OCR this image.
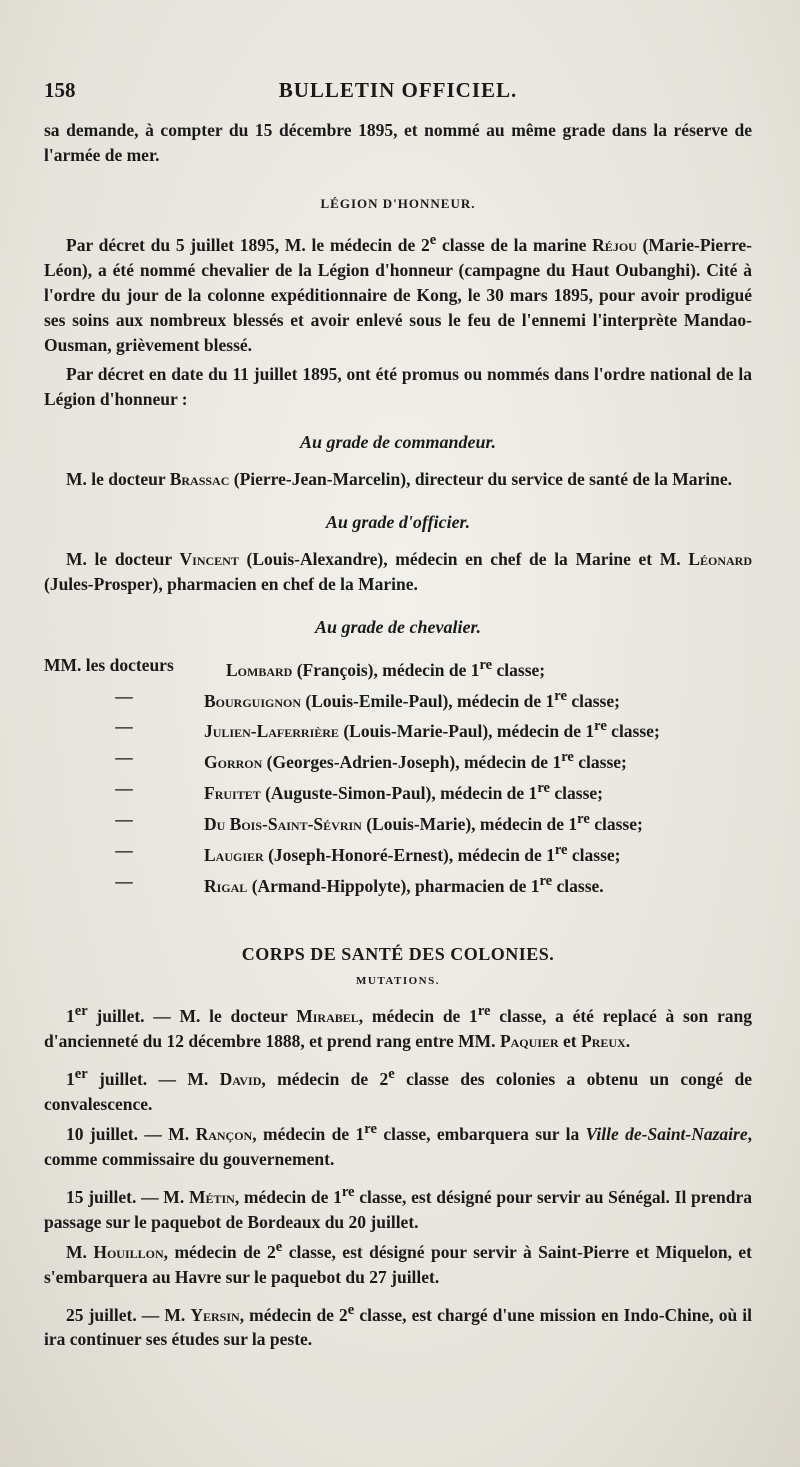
158	BULLETIN OFFICIEL.

sa demande, à compter du 15 décembre 1895, et nommé au même grade dans la réserve de l'armée de mer.

LÉGION D'HONNEUR.

Par décret du 5 juillet 1895, M. le médecin de 2e classe de la marine Réjou (Marie-Pierre-Léon), a été nommé chevalier de la Légion d'honneur (campagne du Haut Oubanghi). Cité à l'ordre du jour de la colonne expéditionnaire de Kong, le 30 mars 1895, pour avoir prodigué ses soins aux nombreux blessés et avoir enlevé sous le feu de l'ennemi l'interprète Mandao-Ousman, grièvement blessé.

Par décret en date du 11 juillet 1895, ont été promus ou nommés dans l'ordre national de la Légion d'honneur :

Au grade de commandeur.

M. le docteur Brassac (Pierre-Jean-Marcelin), directeur du service de santé de la Marine.

Au grade d'officier.

M. le docteur Vincent (Louis-Alexandre), médecin en chef de la Marine et M. Léonard (Jules-Prosper), pharmacien en chef de la Marine.

Au grade de chevalier.
MM. les docteurs	Lombard (François), médecin de 1re classe;
—	Bourguignon (Louis-Emile-Paul), médecin de 1re classe;
—	Julien-Laferrière (Louis-Marie-Paul), médecin de 1re classe;
—	Gorron (Georges-Adrien-Joseph), médecin de 1re classe;
—	Fruitet (Auguste-Simon-Paul), médecin de 1re classe;
—	Du Bois-Saint-Sévrin (Louis-Marie), médecin de 1re classe;
—	Laugier (Joseph-Honoré-Ernest), médecin de 1re classe;
—	Rigal (Armand-Hippolyte), pharmacien de 1re classe.
CORPS DE SANTÉ DES COLONIES.
MUTATIONS.

1er juillet. — M. le docteur Mirabel, médecin de 1re classe, a été replacé à son rang d'ancienneté du 12 décembre 1888, et prend rang entre MM. Paquier et Preux.

1er juillet. — M. David, médecin de 2e classe des colonies a obtenu un congé de convalescence.

10 juillet. — M. Rançon, médecin de 1re classe, embarquera sur la Ville de-Saint-Nazaire, comme commissaire du gouvernement.

15 juillet. — M. Métin, médecin de 1re classe, est désigné pour servir au Sénégal. Il prendra passage sur le paquebot de Bordeaux du 20 juillet.

M. Houillon, médecin de 2e classe, est désigné pour servir à Saint-Pierre et Miquelon, et s'embarquera au Havre sur le paquebot du 27 juillet.

25 juillet. — M. Yersin, médecin de 2e classe, est chargé d'une mission en Indo-Chine, où il ira continuer ses études sur la peste.
